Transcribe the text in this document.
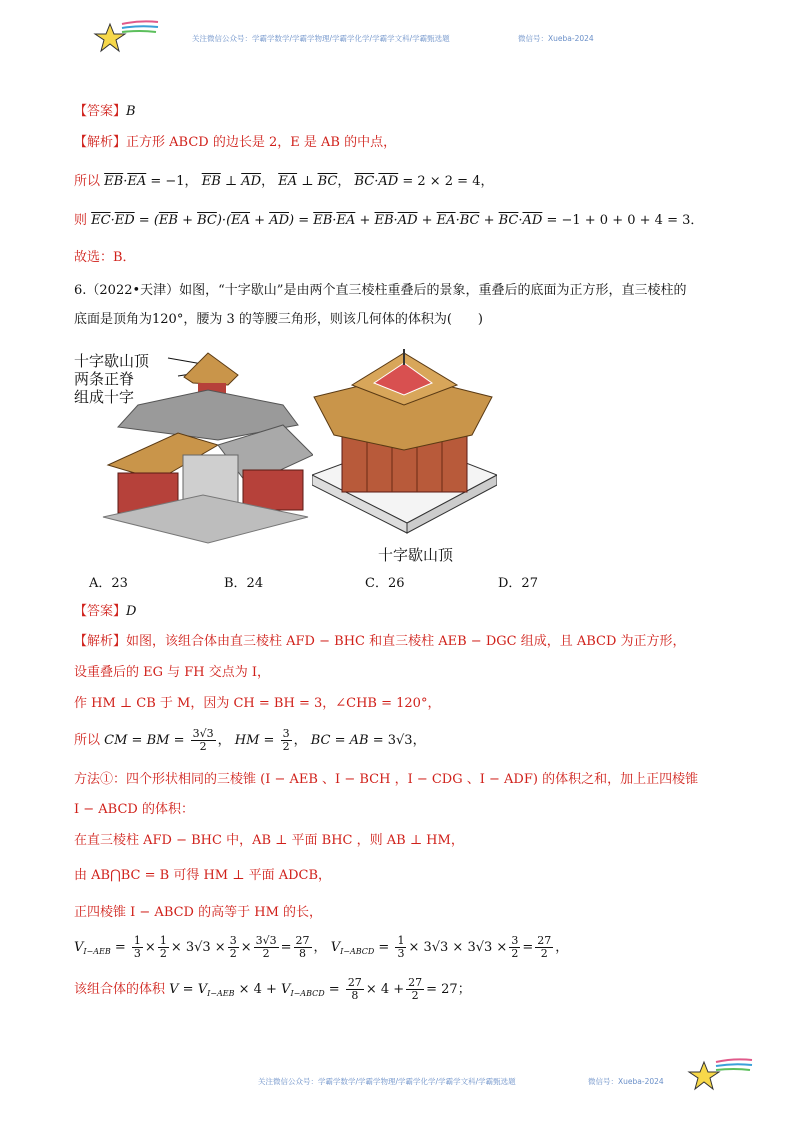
关注微信公众号：学霸学数学/学霸学物理/学霸学化学/学霸学文科/学霸甄选题	微信号：Xueba-2024
【答案】B
【解析】正方形 ABCD 的边长是 2，E 是 AB 的中点，
所以 $\overline{EB}\cdot\overline{EA} = -1$， $\overline{EB}$ ⊥ $\overline{AD}$， $\overline{EA}$ ⊥ $\overline{BC}$， $\overline{BC}\cdot\overline{AD} = 2 \times 2 = 4$，
则 $\overline{EC}\cdot\overline{ED} = (\overline{EB} + \overline{BC})\cdot(\overline{EA} + \overline{AD}) = \overline{EB}\cdot\overline{EA} + \overline{EB}\cdot\overline{AD} + \overline{EA}\cdot\overline{BC} + \overline{BC}\cdot\overline{AD} = -1 + 0 + 0 + 4 = 3$．
故选：B．
6.（2022•天津）如图，“十字歇山”是由两个直三棱柱重叠后的景象，重叠后的底面为正方形，直三棱柱的
底面是顶角为120°，腰为 3 的等腰三角形，则该几何体的体积为(　　)
十字歇山顶
两条正脊
组成十字
十字歇山顶
A．23	B．24	C．26	D．27
【答案】D
【解析】如图，该组合体由直三棱柱 AFD − BHC 和直三棱柱 AEB − DGC 组成，且 ABCD 为正方形，
设重叠后的 EG 与 FH 交点为 I，
作 HM ⊥ CB 于 M，因为 CH = BH = 3，∠CHB = 120°，
所以 CM = BM = $\frac{3√3}{2}$ ， HM = $\frac{3}{2}$ ， BC = AB = 3√3，
方法①：四个形状相同的三棱锥 (I − AEB 、I − BCH ，I − CDG 、I − ADF) 的体积之和，加上正四棱锥
I − ABCD 的体积：
在直三棱柱 AFD − BHC 中，AB ⊥ 平面 BHC ，则 AB ⊥ HM，
由 AB⋂BC = B 可得 HM ⊥ 平面 ADCB，
正四棱锥 I − ABCD 的高等于 HM 的长，
$V_{I-AEB} = \frac{1}{3} \times \frac{1}{2} \times 3√3 \times \frac{3}{2} \times \frac{3√3}{2} = \frac{27}{8}$ ， $V_{I-ABCD} = \frac{1}{3} \times 3√3 \times 3√3 \times \frac{3}{2} = \frac{27}{2}$ ，
该组合体的体积 $V = V_{I-AEB} \times 4 + V_{I-ABCD} = \frac{27}{8} \times 4 + \frac{27}{2} = 27$；
关注微信公众号：学霸学数学/学霸学物理/学霸学化学/学霸学文科/学霸甄选题	微信号：Xueba-2024
